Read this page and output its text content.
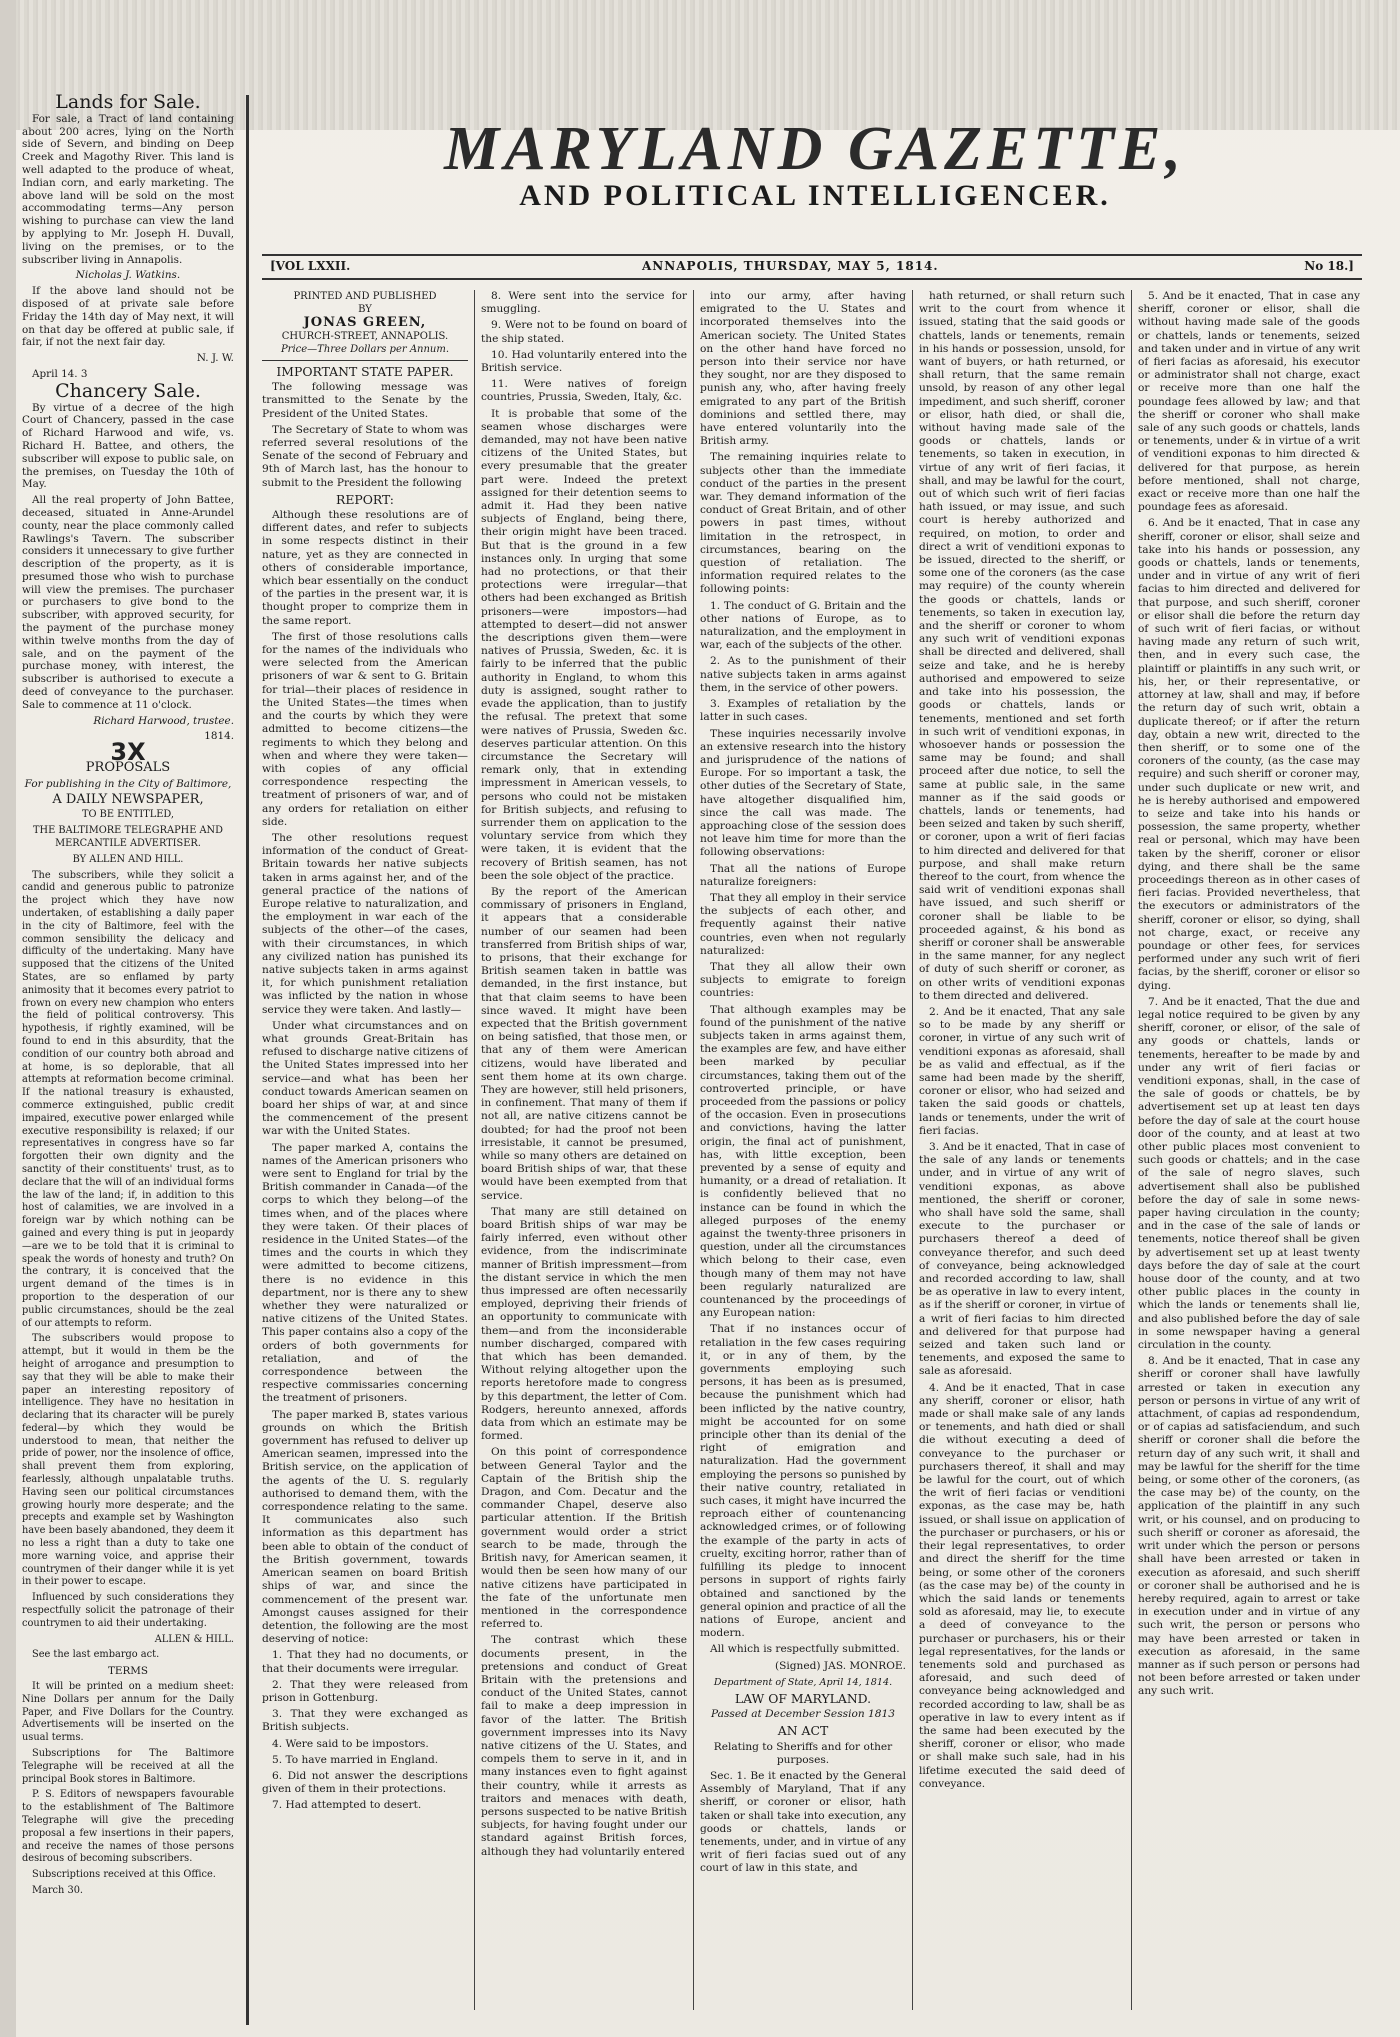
Lands for Sale.

For sale, a Tract of land containing about 200 acres, lying on the North side of Severn, and binding on Deep Creek and Magothy River. This land is well adapted to the produce of wheat, Indian corn, and early marketing. The above land will be sold on the most accommodating terms—Any person wishing to purchase can view the land by applying to Mr. Joseph H. Duvall, living on the premises, or to the subscriber living in Annapolis.

Nicholas J. Watkins.

If the above land should not be disposed of at private sale before Friday the 14th day of May next, it will on that day be offered at public sale, if fair, if not the next fair day.

N. J. W.

April 14. 3

Chancery Sale.

By virtue of a decree of the high Court of Chancery, passed in the case of Richard Harwood and wife, vs. Richard H. Battee, and others, the subscriber will expose to public sale, on the premises, on Tuesday the 10th of May.

All the real property of John Battee, deceased, situated in Anne-Arundel county, near the place commonly called Rawlings's Tavern. The subscriber considers it unnecessary to give further description of the property, as it is presumed those who wish to purchase will view the premises. The purchaser or purchasers to give bond to the subscriber, with approved security, for the payment of the purchase money within twelve months from the day of sale, and on the payment of the purchase money, with interest, the subscriber is authorised to execute a deed of conveyance to the purchaser. Sale to commence at 11 o'clock.

Richard Harwood, trustee.

1814.

3X

PROPOSALS

For publishing in the City of Baltimore,

A DAILY NEWSPAPER,

TO BE ENTITLED,

THE BALTIMORE TELEGRAPHE AND MERCANTILE ADVERTISER.

BY ALLEN AND HILL.

The subscribers, while they solicit a candid and generous public to patronize the project which they have now undertaken, of establishing a daily paper in the city of Baltimore, feel with the common sensibility the delicacy and difficulty of the undertaking. Many have supposed that the citizens of the United States, are so enflamed by party animosity that it becomes every patriot to frown on every new champion who enters the field of political controversy. This hypothesis, if rightly examined, will be found to end in this absurdity, that the condition of our country both abroad and at home, is so deplorable, that all attempts at reformation become criminal. If the national treasury is exhausted, commerce extinguished, public credit impaired, executive power enlarged while executive responsibility is relaxed; if our representatives in congress have so far forgotten their own dignity and the sanctity of their constituents' trust, as to declare that the will of an individual forms the law of the land; if, in addition to this host of calamities, we are involved in a foreign war by which nothing can be gained and every thing is put in jeopardy—are we to be told that it is criminal to speak the words of honesty and truth? On the contrary, it is conceived that the urgent demand of the times is in proportion to the desperation of our public circumstances, should be the zeal of our attempts to reform.

The subscribers would propose to attempt, but it would in them be the height of arrogance and presumption to say that they will be able to make their paper an interesting repository of intelligence. They have no hesitation in declaring that its character will be purely federal—by which they would be understood to mean, that neither the pride of power, nor the insolence of office, shall prevent them from exploring, fearlessly, although unpalatable truths. Having seen our political circumstances growing hourly more desperate; and the precepts and example set by Washington have been basely abandoned, they deem it no less a right than a duty to take one more warning voice, and apprise their countrymen of their danger while it is yet in their power to escape.

Influenced by such considerations they respectfully solicit the patronage of their countrymen to aid their undertaking.

ALLEN & HILL.

See the last embargo act.

TERMS

It will be printed on a medium sheet: Nine Dollars per annum for the Daily Paper, and Five Dollars for the Country. Advertisements will be inserted on the usual terms.

Subscriptions for The Baltimore Telegraphe will be received at all the principal Book stores in Baltimore.

P. S. Editors of newspapers favourable to the establishment of The Baltimore Telegraphe will give the preceding proposal a few insertions in their papers, and receive the names of those persons desirous of becoming subscribers.

Subscriptions received at this Office.

March 30.

MARYLAND GAZETTE,
AND POLITICAL INTELLIGENCER.
[VOL LXXII.	ANNAPOLIS, THURSDAY, MAY 5, 1814.	No 18.]
PRINTED AND PUBLISHED
BY
JONAS GREEN,
CHURCH-STREET, ANNAPOLIS.
Price—Three Dollars per Annum.
IMPORTANT STATE PAPER.

The following message was transmitted to the Senate by the President of the United States.

The Secretary of State to whom was referred several resolutions of the Senate of the second of February and 9th of March last, has the honour to submit to the President the following

REPORT:

Although these resolutions are of different dates, and refer to subjects in some respects distinct in their nature, yet as they are connected in others of considerable importance, which bear essentially on the conduct of the parties in the present war, it is thought proper to comprize them in the same report.

The first of those resolutions calls for the names of the individuals who were selected from the American prisoners of war & sent to G. Britain for trial—their places of residence in the United States—the times when and the courts by which they were admitted to become citizens—the regiments to which they belong and when and where they were taken—with copies of any official correspondence respecting the treatment of prisoners of war, and of any orders for retaliation on either side.

The other resolutions request information of the conduct of Great-Britain towards her native subjects taken in arms against her, and of the general practice of the nations of Europe relative to naturalization, and the employment in war each of the subjects of the other—of the cases, with their circumstances, in which any civilized nation has punished its native subjects taken in arms against it, for which punishment retaliation was inflicted by the nation in whose service they were taken. And lastly—

Under what circumstances and on what grounds Great-Britain has refused to discharge native citizens of the United States impressed into her service—and what has been her conduct towards American seamen on board her ships of war, at and since the commencement of the present war with the United States.

The paper marked A, contains the names of the American prisoners who were sent to England for trial by the British commander in Canada—of the corps to which they belong—of the times when, and of the places where they were taken. Of their places of residence in the United States—of the times and the courts in which they were admitted to become citizens, there is no evidence in this department, nor is there any to shew whether they were naturalized or native citizens of the United States. This paper contains also a copy of the orders of both governments for retaliation, and of the correspondence between the respective commissaries concerning the treatment of prisoners.

The paper marked B, states various grounds on which the British government has refused to deliver up American seamen, impressed into the British service, on the application of the agents of the U. S. regularly authorised to demand them, with the correspondence relating to the same. It communicates also such information as this department has been able to obtain of the conduct of the British government, towards American seamen on board British ships of war, and since the commencement of the present war. Amongst causes assigned for their detention, the following are the most deserving of notice:

1. That they had no documents, or that their documents were irregular.

2. That they were released from prison in Gottenburg.

3. That they were exchanged as British subjects.

4. Were said to be impostors.

5. To have married in England.

6. Did not answer the descriptions given of them in their protections.

7. Had attempted to desert.

8. Were sent into the service for smuggling.

9. Were not to be found on board of the ship stated.

10. Had voluntarily entered into the British service.

11. Were natives of foreign countries, Prussia, Sweden, Italy, &c.

It is probable that some of the seamen whose discharges were demanded, may not have been native citizens of the United States, but every presumable that the greater part were. Indeed the pretext assigned for their detention seems to admit it. Had they been native subjects of England, being there, their origin might have been traced. But that is the ground in a few instances only. In urging that some had no protections, or that their protections were irregular—that others had been exchanged as British prisoners—were impostors—had attempted to desert—did not answer the descriptions given them—were natives of Prussia, Sweden, &c. it is fairly to be inferred that the public authority in England, to whom this duty is assigned, sought rather to evade the application, than to justify the refusal. The pretext that some were natives of Prussia, Sweden &c. deserves particular attention. On this circumstance the Secretary will remark only, that in extending impressment in American vessels, to persons who could not be mistaken for British subjects, and refusing to surrender them on application to the voluntary service from which they were taken, it is evident that the recovery of British seamen, has not been the sole object of the practice.

By the report of the American commissary of prisoners in England, it appears that a considerable number of our seamen had been transferred from British ships of war, to prisons, that their exchange for British seamen taken in battle was demanded, in the first instance, but that that claim seems to have been since waved. It might have been expected that the British government on being satisfied, that those men, or that any of them were American citizens, would have liberated and sent them home at its own charge. They are however, still held prisoners, in confinement. That many of them if not all, are native citizens cannot be doubted; for had the proof not been irresistable, it cannot be presumed, while so many others are detained on board British ships of war, that these would have been exempted from that service.

That many are still detained on board British ships of war may be fairly inferred, even without other evidence, from the indiscriminate manner of British impressment—from the distant service in which the men thus impressed are often necessarily employed, depriving their friends of an opportunity to communicate with them—and from the inconsiderable number discharged, compared with that which has been demanded. Without relying altogether upon the reports heretofore made to congress by this department, the letter of Com. Rodgers, hereunto annexed, affords data from which an estimate may be formed.

On this point of correspondence between General Taylor and the Captain of the British ship the Dragon, and Com. Decatur and the commander Chapel, deserve also particular attention. If the British government would order a strict search to be made, through the British navy, for American seamen, it would then be seen how many of our native citizens have participated in the fate of the unfortunate men mentioned in the correspondence referred to.

The contrast which these documents present, in the pretensions and conduct of Great Britain with the pretensions and conduct of the United States, cannot fail to make a deep impression in favor of the latter. The British government impresses into its Navy native citizens of the U. States, and compels them to serve in it, and in many instances even to fight against their country, while it arrests as traitors and menaces with death, persons suspected to be native British subjects, for having fought under our standard against British forces, although they had voluntarily entered

into our army, after having emigrated to the U. States and incorporated themselves into the American society. The United States on the other hand have forced no person into their service nor have they sought, nor are they disposed to punish any, who, after having freely emigrated to any part of the British dominions and settled there, may have entered voluntarily into the British army.

The remaining inquiries relate to subjects other than the immediate conduct of the parties in the present war. They demand information of the conduct of Great Britain, and of other powers in past times, without limitation in the retrospect, in circumstances, bearing on the question of retaliation. The information required relates to the following points:

1. The conduct of G. Britain and the other nations of Europe, as to naturalization, and the employment in war, each of the subjects of the other.

2. As to the punishment of their native subjects taken in arms against them, in the service of other powers.

3. Examples of retaliation by the latter in such cases.

These inquiries necessarily involve an extensive research into the history and jurisprudence of the nations of Europe. For so important a task, the other duties of the Secretary of State, have altogether disqualified him, since the call was made. The approaching close of the session does not leave him time for more than the following observations:

That all the nations of Europe naturalize foreigners:

That they all employ in their service the subjects of each other, and frequently against their native countries, even when not regularly naturalized:

That they all allow their own subjects to emigrate to foreign countries:

That although examples may be found of the punishment of the native subjects taken in arms against them, the examples are few, and have either been marked by peculiar circumstances, taking them out of the controverted principle, or have proceeded from the passions or policy of the occasion. Even in prosecutions and convictions, having the latter origin, the final act of punishment, has, with little exception, been prevented by a sense of equity and humanity, or a dread of retaliation. It is confidently believed that no instance can be found in which the alleged purposes of the enemy against the twenty-three prisoners in question, under all the circumstances which belong to their case, even though many of them may not have been regularly naturalized are countenanced by the proceedings of any European nation:

That if no instances occur of retaliation in the few cases requiring it, or in any of them, by the governments employing such persons, it has been as is presumed, because the punishment which had been inflicted by the native country, might be accounted for on some principle other than its denial of the right of emigration and naturalization. Had the government employing the persons so punished by their native country, retaliated in such cases, it might have incurred the reproach either of countenancing acknowledged crimes, or of following the example of the party in acts of cruelty, exciting horror, rather than of fulfilling its pledge to innocent persons in support of rights fairly obtained and sanctioned by the general opinion and practice of all the nations of Europe, ancient and modern.

All which is respectfully submitted.

(Signed) JAS. MONROE.

Department of State, April 14, 1814.

LAW OF MARYLAND.

Passed at December Session 1813

AN ACT

Relating to Sheriffs and for other purposes.

Sec. 1. Be it enacted by the General Assembly of Maryland, That if any sheriff, or coroner or elisor, hath taken or shall take into execution, any goods or chattels, lands or tenements, under, and in virtue of any writ of fieri facias sued out of any court of law in this state, and

hath returned, or shall return such writ to the court from whence it issued, stating that the said goods or chattels, lands or tenements, remain in his hands or possession, unsold, for want of buyers, or hath returned, or shall return, that the same remain unsold, by reason of any other legal impediment, and such sheriff, coroner or elisor, hath died, or shall die, without having made sale of the goods or chattels, lands or tenements, so taken in execution, in virtue of any writ of fieri facias, it shall, and may be lawful for the court, out of which such writ of fieri facias hath issued, or may issue, and such court is hereby authorized and required, on motion, to order and direct a writ of venditioni exponas to be issued, directed to the sheriff, or some one of the coroners (as the case may require) of the county wherein the goods or chattels, lands or tenements, so taken in execution lay, and the sheriff or coroner to whom any such writ of venditioni exponas shall be directed and delivered, shall seize and take, and he is hereby authorised and empowered to seize and take into his possession, the goods or chattels, lands or tenements, mentioned and set forth in such writ of venditioni exponas, in whosoever hands or possession the same may be found; and shall proceed after due notice, to sell the same at public sale, in the same manner as if the said goods or chattels, lands or tenements, had been seized and taken by such sheriff, or coroner, upon a writ of fieri facias to him directed and delivered for that purpose, and shall make return thereof to the court, from whence the said writ of venditioni exponas shall have issued, and such sheriff or coroner shall be liable to be proceeded against, & his bond as sheriff or coroner shall be answerable in the same manner, for any neglect of duty of such sheriff or coroner, as on other writs of venditioni exponas to them directed and delivered.

2. And be it enacted, That any sale so to be made by any sheriff or coroner, in virtue of any such writ of venditioni exponas as aforesaid, shall be as valid and effectual, as if the same had been made by the sheriff, coroner or elisor, who had seized and taken the said goods or chattels, lands or tenements, under the writ of fieri facias.

3. And be it enacted, That in case of the sale of any lands or tenements under, and in virtue of any writ of venditioni exponas, as above mentioned, the sheriff or coroner, who shall have sold the same, shall execute to the purchaser or purchasers thereof a deed of conveyance therefor, and such deed of conveyance, being acknowledged and recorded according to law, shall be as operative in law to every intent, as if the sheriff or coroner, in virtue of a writ of fieri facias to him directed and delivered for that purpose had seized and taken such land or tenements, and exposed the same to sale as aforesaid.

4. And be it enacted, That in case any sheriff, coroner or elisor, hath made or shall make sale of any lands or tenements, and hath died or shall die without executing a deed of conveyance to the purchaser or purchasers thereof, it shall and may be lawful for the court, out of which the writ of fieri facias or venditioni exponas, as the case may be, hath issued, or shall issue on application of the purchaser or purchasers, or his or their legal representatives, to order and direct the sheriff for the time being, or some other of the coroners (as the case may be) of the county in which the said lands or tenements sold as aforesaid, may lie, to execute a deed of conveyance to the purchaser or purchasers, his or their legal representatives, for the lands or tenements sold and purchased as aforesaid, and such deed of conveyance being acknowledged and recorded according to law, shall be as operative in law to every intent as if the same had been executed by the sheriff, coroner or elisor, who made or shall make such sale, had in his lifetime executed the said deed of conveyance.

5. And be it enacted, That in case any sheriff, coroner or elisor, shall die without having made sale of the goods or chattels, lands or tenements, seized and taken under and in virtue of any writ of fieri facias as aforesaid, his executor or administrator shall not charge, exact or receive more than one half the poundage fees allowed by law; and that the sheriff or coroner who shall make sale of any such goods or chattels, lands or tenements, under & in virtue of a writ of venditioni exponas to him directed & delivered for that purpose, as herein before mentioned, shall not charge, exact or receive more than one half the poundage fees as aforesaid.

6. And be it enacted, That in case any sheriff, coroner or elisor, shall seize and take into his hands or possession, any goods or chattels, lands or tenements, under and in virtue of any writ of fieri facias to him directed and delivered for that purpose, and such sheriff, coroner or elisor shall die before the return day of such writ of fieri facias, or without having made any return of such writ, then, and in every such case, the plaintiff or plaintiffs in any such writ, or his, her, or their representative, or attorney at law, shall and may, if before the return day of such writ, obtain a duplicate thereof; or if after the return day, obtain a new writ, directed to the then sheriff, or to some one of the coroners of the county, (as the case may require) and such sheriff or coroner may, under such duplicate or new writ, and he is hereby authorised and empowered to seize and take into his hands or possession, the same property, whether real or personal, which may have been taken by the sheriff, coroner or elisor dying, and there shall be the same proceedings thereon as in other cases of fieri facias. Provided nevertheless, that the executors or administrators of the sheriff, coroner or elisor, so dying, shall not charge, exact, or receive any poundage or other fees, for services performed under any such writ of fieri facias, by the sheriff, coroner or elisor so dying.

7. And be it enacted, That the due and legal notice required to be given by any sheriff, coroner, or elisor, of the sale of any goods or chattels, lands or tenements, hereafter to be made by and under any writ of fieri facias or venditioni exponas, shall, in the case of the sale of goods or chattels, be by advertisement set up at least ten days before the day of sale at the court house door of the county, and at least at two other public places most convenient to such goods or chattels; and in the case of the sale of negro slaves, such advertisement shall also be published before the day of sale in some news-paper having circulation in the county; and in the case of the sale of lands or tenements, notice thereof shall be given by advertisement set up at least twenty days before the day of sale at the court house door of the county, and at two other public places in the county in which the lands or tenements shall lie, and also published before the day of sale in some newspaper having a general circulation in the county.

8. And be it enacted, That in case any sheriff or coroner shall have lawfully arrested or taken in execution any person or persons in virtue of any writ of attachment, of capias ad respondendum, or of capias ad satisfaciendum, and such sheriff or coroner shall die before the return day of any such writ, it shall and may be lawful for the sheriff for the time being, or some other of the coroners, (as the case may be) of the county, on the application of the plaintiff in any such writ, or his counsel, and on producing to such sheriff or coroner as aforesaid, the writ under which the person or persons shall have been arrested or taken in execution as aforesaid, and such sheriff or coroner shall be authorised and he is hereby required, again to arrest or take in execution under and in virtue of any such writ, the person or persons who may have been arrested or taken in execution as aforesaid, in the same manner as if such person or persons had not been before arrested or taken under any such writ.
